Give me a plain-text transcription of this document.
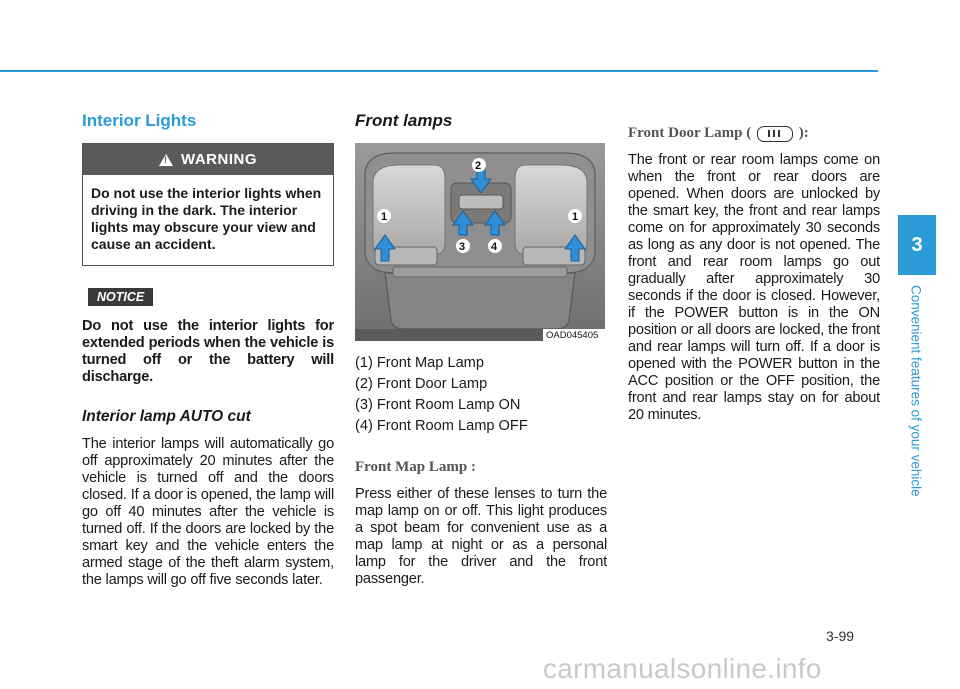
Interior Lights
!
WARNING
Do not use the interior lights when driving in the dark. The interior lights may obscure your view and cause an accident.
NOTICE

Do not use the interior lights for extended periods when the vehicle is turned off or the battery will discharge.

Interior lamp AUTO cut

The interior lamps will automatically go off approximately 20 minutes after the vehicle is turned off and the doors closed. If a door is opened, the lamp will go off 40 minutes after the vehicle is turned off. If the doors are locked by the smart key and the vehicle enters the armed stage of the theft alarm system, the lamps will go off five seconds later.

Front lamps
1
2
3 4
1
OAD045405
(1) Front Map Lamp
(2) Front Door Lamp
(3) Front Room Lamp ON
(4) Front Room Lamp OFF
Front Map Lamp :

Press either of these lenses to turn the map lamp on or off. This light produces a spot beam for convenient use as a map lamp at night or as a personal lamp for the driver and the front passenger.

Front Door Lamp (	):

The front or rear room lamps come on when the front or rear doors are opened. When doors are unlocked by the smart key, the front and rear lamps come on for approximately 30 seconds as long as any door is not opened. The front and rear room lamps go out gradually after approximately 30 seconds if the door is closed. However, if the POWER button is in the ON position or all doors are locked, the front and rear lamps will turn off. If a door is opened with the POWER button in the ACC position or the OFF position, the front and rear lamps stay on for about 20 minutes.

3
Convenient features of your vehicle
3-99
carmanualsonline.info
